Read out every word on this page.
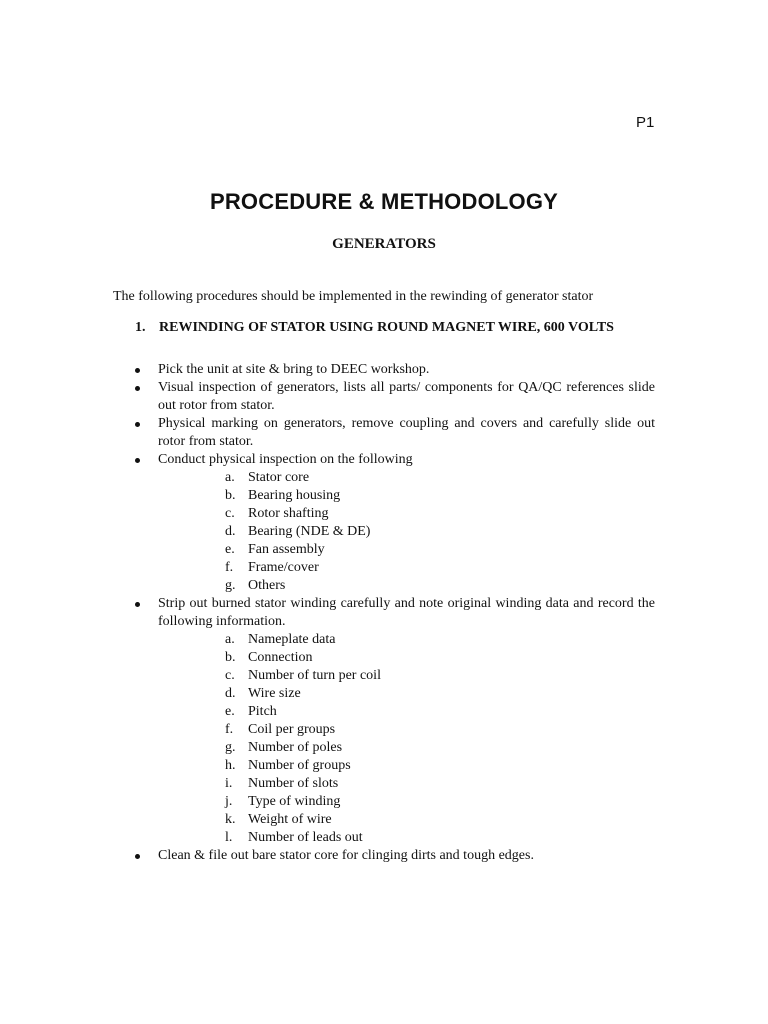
P1
PROCEDURE & METHODOLOGY
GENERATORS
The following procedures should be implemented in the rewinding of generator stator
1. REWINDING OF STATOR USING ROUND MAGNET WIRE, 600 VOLTS
Pick the unit at site & bring to DEEC workshop.
Visual inspection of generators, lists all parts/ components for QA/QC references slide out rotor from stator.
Physical marking on generators, remove coupling and covers and carefully slide out rotor from stator.
Conduct physical inspection on the following
a. Stator core
b. Bearing housing
c. Rotor shafting
d. Bearing (NDE & DE)
e. Fan assembly
f. Frame/cover
g. Others
Strip out burned stator winding carefully and note original winding data and record the following information.
a. Nameplate data
b. Connection
c. Number of turn per coil
d. Wire size
e. Pitch
f. Coil per groups
g. Number of poles
h. Number of groups
i. Number of slots
j. Type of winding
k. Weight of wire
l. Number of leads out
Clean & file out bare stator core for clinging dirts and tough edges.
